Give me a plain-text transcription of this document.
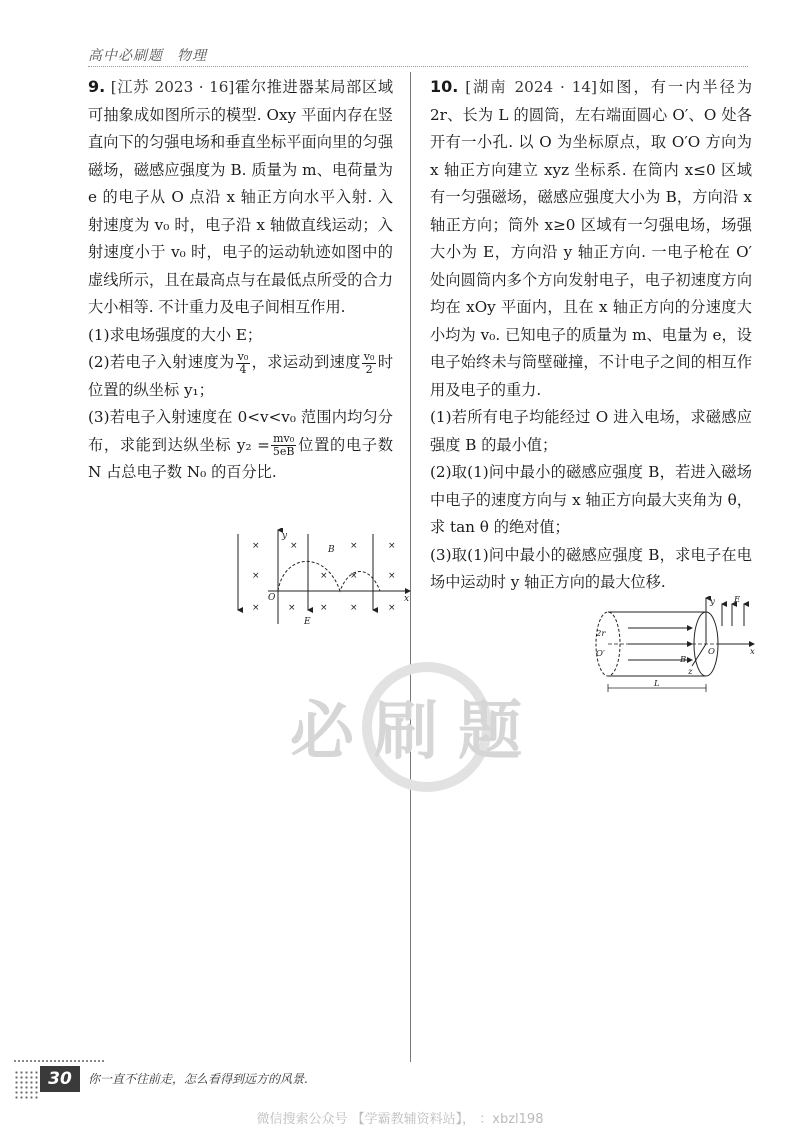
高中必刷题 物理

9. [江苏 2023 · 16]霍尔推进器某局部区域可抽象成如图所示的模型. Oxy 平面内存在竖直向下的匀强电场和垂直坐标平面向里的匀强磁场，磁感应强度为 B. 质量为 m、电荷量为 e 的电子从 O 点沿 x 轴正方向水平入射. 入射速度为 v₀ 时，电子沿 x 轴做直线运动；入射速度小于 v₀ 时，电子的运动轨迹如图中的虚线所示，且在最高点与在最低点所受的合力大小相等. 不计重力及电子间相互作用.

(1)求电场强度的大小 E；

(2)若电子入射速度为 $\frac{\text{v₀}}{4}$ ，求运动到速度 $\frac{\text{v₀}}{2}$ 时位置的纵坐标 y₁；

(3)若电子入射速度在 0<v<v₀ 范围内均匀分布，求能到达纵坐标 $y_2 = \frac{\text{mv₀}}{5eB}$ 位置的电子数 N 占总电子数 N₀ 的百分比.

×	×	×	×
×	× ×	×
×	×	× ×	×
O	x
y
B
E

10. [湖南 2024 · 14]如图，有一内半径为 2r、长为 L 的圆筒，左右端面圆心 O′、O 处各开有一小孔. 以 O 为坐标原点，取 O′O 方向为 x 轴正方向建立 xyz 坐标系. 在筒内 x≤0 区域有一匀强磁场，磁感应强度大小为 B，方向沿 x 轴正方向；筒外 x≥0 区域有一匀强电场，场强大小为 E，方向沿 y 轴正方向. 一电子枪在 O′ 处向圆筒内多个方向发射电子，电子初速度方向均在 xOy 平面内，且在 x 轴正方向的分速度大小均为 v₀. 已知电子的质量为 m、电量为 e，设电子始终未与筒壁碰撞，不计电子之间的相互作用及电子的重力.

(1)若所有电子均能经过 O 进入电场，求磁感应强度 B 的最小值；

(2)取(1)问中最小的磁感应强度 B，若进入磁场中电子的速度方向与 x 轴正方向最大夹角为 θ，求 tan θ 的绝对值；

(3)取(1)问中最小的磁感应强度 B，求电子在电场中运动时 y 轴正方向的最大位移.

2r
O′	O
B
E
L
x
y
z
必刷题
30	你一直不往前走，怎么看得到远方的风景.
微信搜索公众号 【学霸教辅资料站】， ：xbzl198
